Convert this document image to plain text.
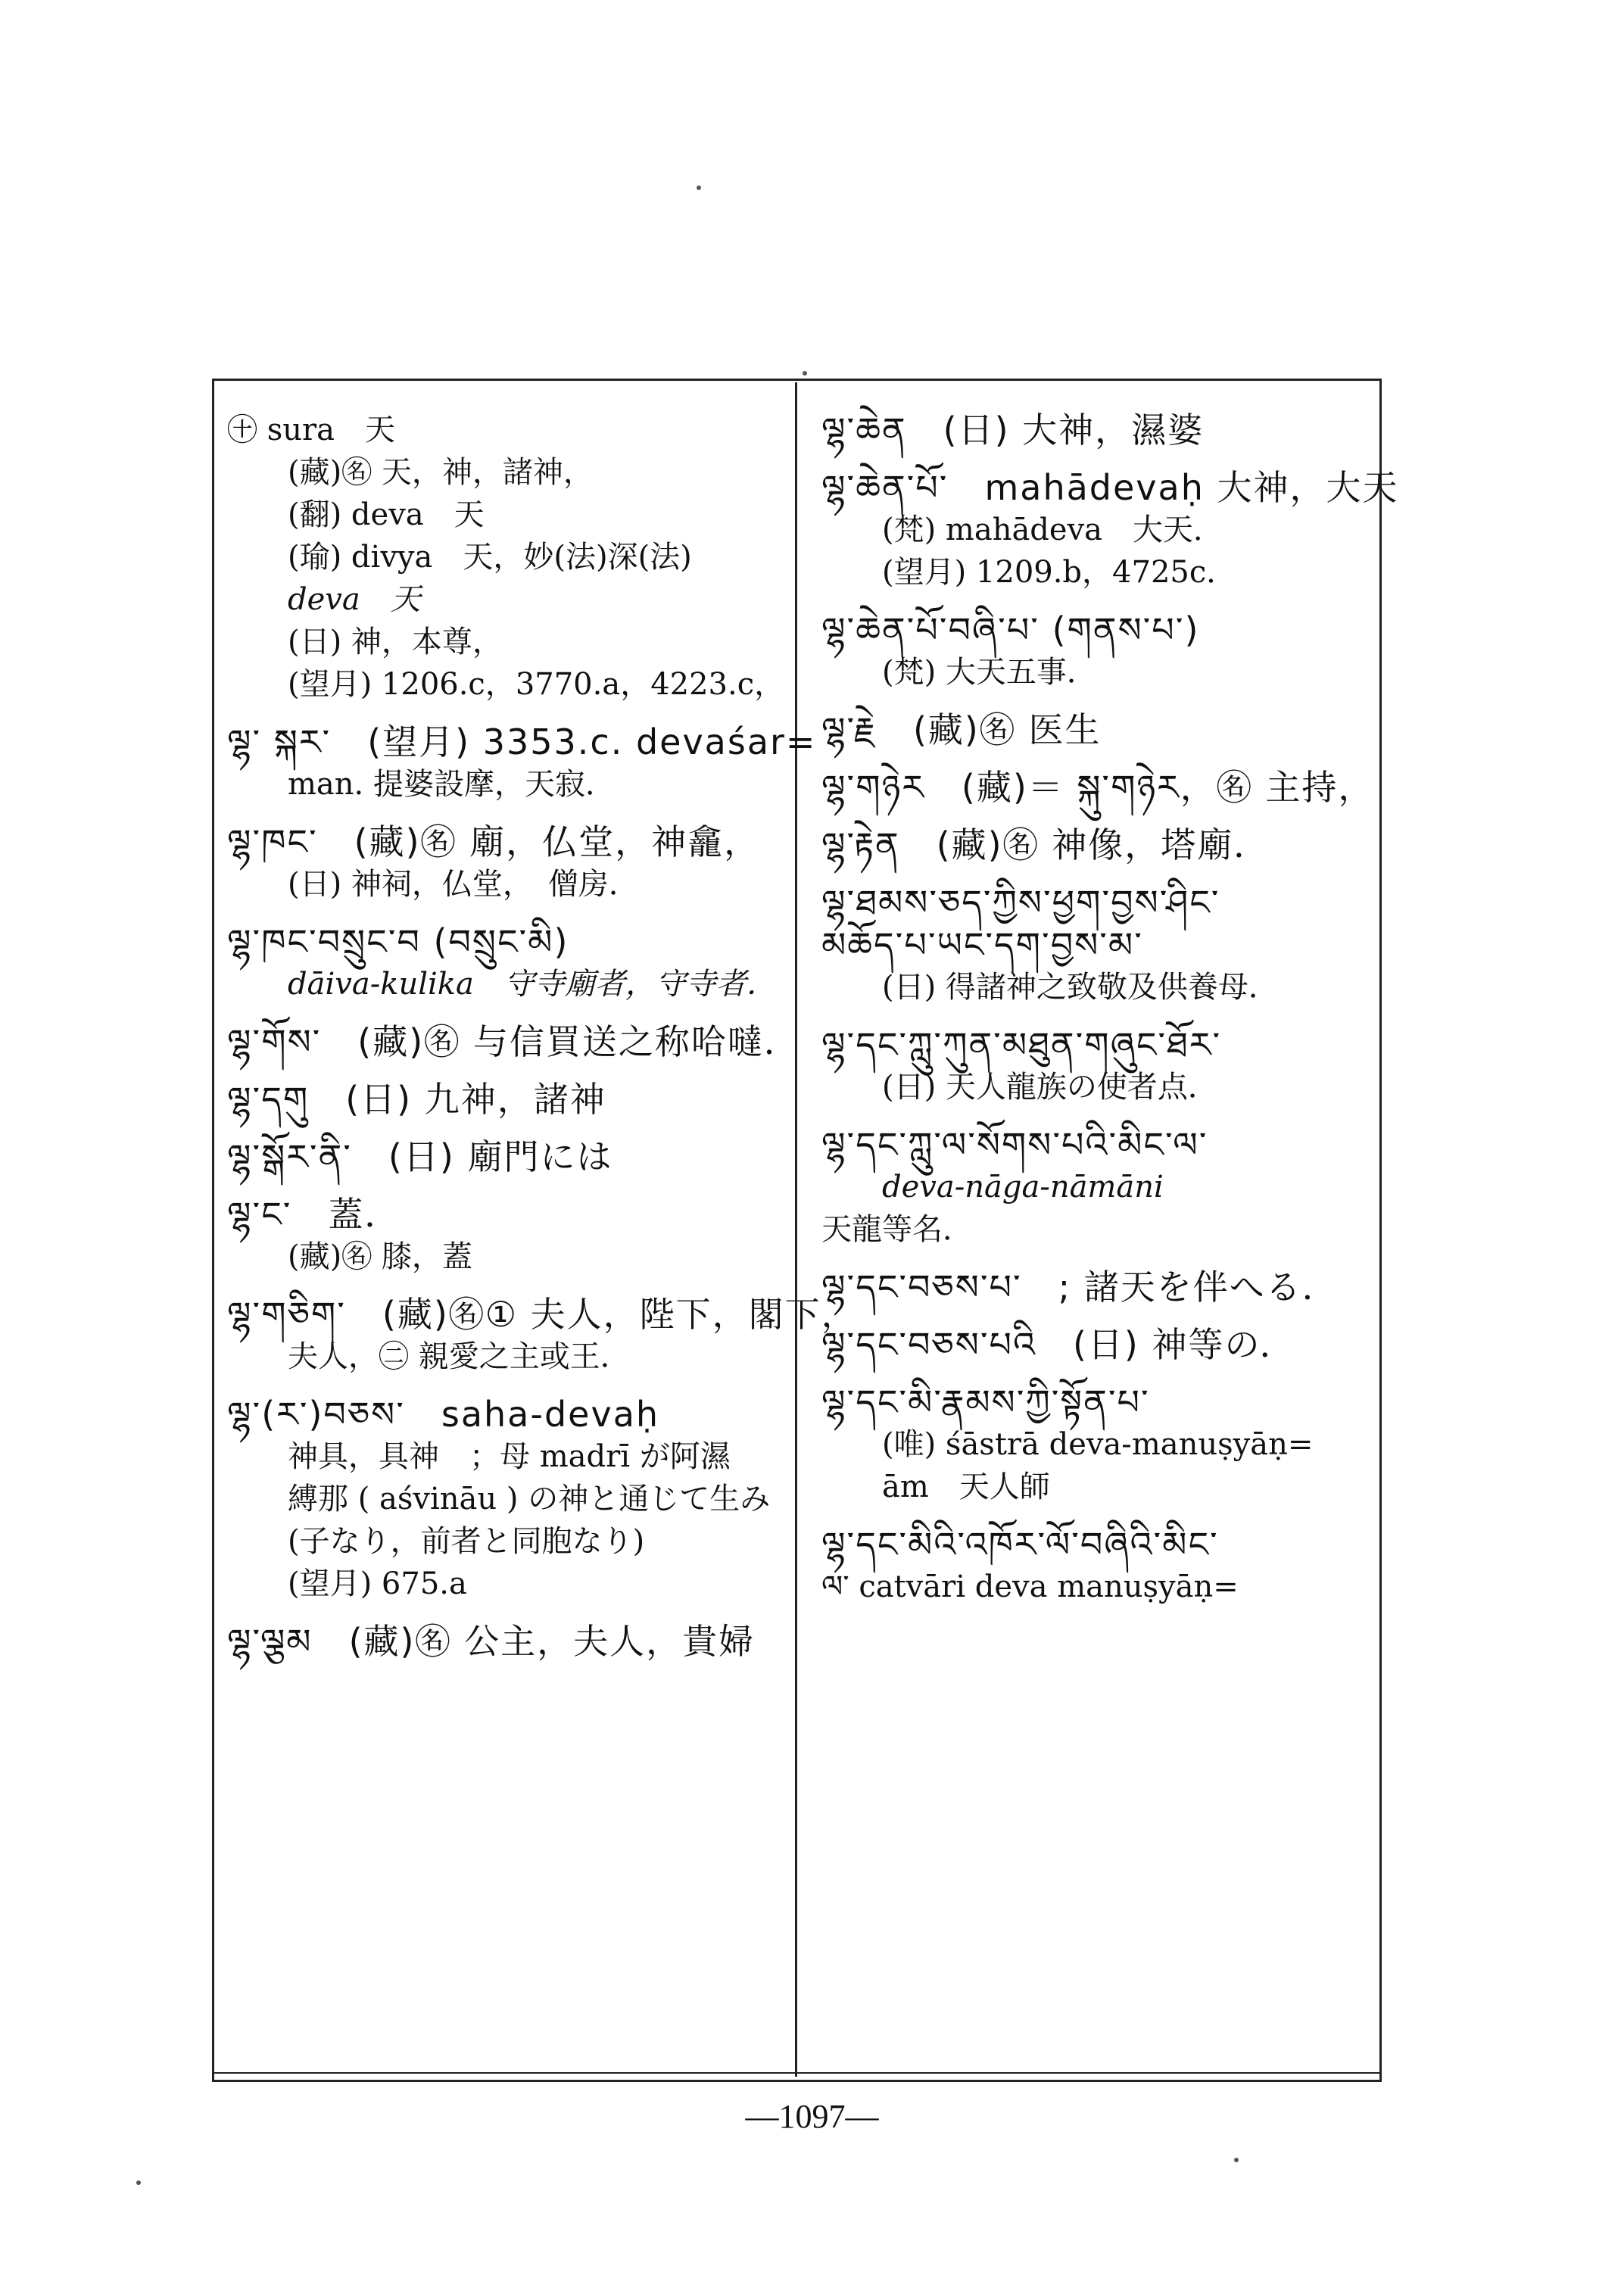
㊉ sura　天
(藏)㊔ 天，神，諸神，
(翻) deva　天
(瑜) divya　天，妙(法)深(法)
deva　天
(日) 神，本尊，
(望月) 1206.c，3770.a，4223.c，
ལྷ་ སྐར་　(望月) 3353.c. devaśar=
man. 提婆設摩，天寂．
ལྷ་ཁང་　(藏)㊔ 廟，仏堂，神龕，
(日) 神祠，仏堂，　僧房．
ལྷ་ཁང་བསྲུང་བ (བསྲུང་མི)
dāiva-kulika　守寺廟者，守寺者．
ལྷ་གོས་　(藏)㊔ 与信買送之称哈噠．
ལྷ་དགུ　(日) 九神，諸神
ལྷ་སྒོར་ནི་　(日) 廟門には
ལྷ་ང་　蓋．
(藏)㊔ 膝，蓋
ལྷ་གཅིག་　(藏)㊔① 夫人，陛下，閣下，
夫人，㊁ 親愛之主或王．
ལྷ་(ར་)བཅས་　saha-devaḥ
神具，具神　；母 madrī が阿濕
縛那 ( aśvināu ) の神と通じて生み
(子なり，前者と同胞なり)
(望月) 675.a
ལྷ་ལྕམ　(藏)㊔ 公主，夫人，貴婦
ལྷ་ཆེན　(日) 大神，濕婆
ལྷ་ཆེན་པོ་　mahādevaḥ 大神，大天
(梵) mahādeva　大天．
(望月) 1209.b，4725c．
ལྷ་ཆེན་པོ་བཞི་པ་ (གནས་པ་)
(梵) 大天五事．
ལྷ་རྗེ　(藏)㊔ 医生
ལྷ་གཉེར　(藏)＝ སྐུ་གཉེར，㊔ 主持，
ལྷ་རྟེན　(藏)㊔ 神像，塔廟．
ལྷ་ཐམས་ཅད་ཀྱིས་ཕྱག་བྱས་ཤིང་
མཆོད་པ་ཡང་དག་བྱས་མ་
(日) 得諸神之致敬及供養母．
ལྷ་དང་ཀླུ་ཀུན་མཐུན་གཞུང་ཐོར་
(日) 天人龍族の使者点．
ལྷ་དང་ཀླུ་ལ་སོགས་པའི་མིང་ལ་
deva-nāga-nāmāni
天龍等名．
ལྷ་དང་བཅས་པ་　; 諸天を伴へる．
ལྷ་དང་བཅས་པའི　(日) 神等の．
ལྷ་དང་མི་རྣམས་ཀྱི་སྟོན་པ་
(唯) śāstrā deva-manuṣyāṇ=
ām　天人師
ལྷ་དང་མིའི་འཁོར་ལོ་བཞིའི་མིང་
ལ་ catvāri deva manuṣyāṇ=
—1097—
